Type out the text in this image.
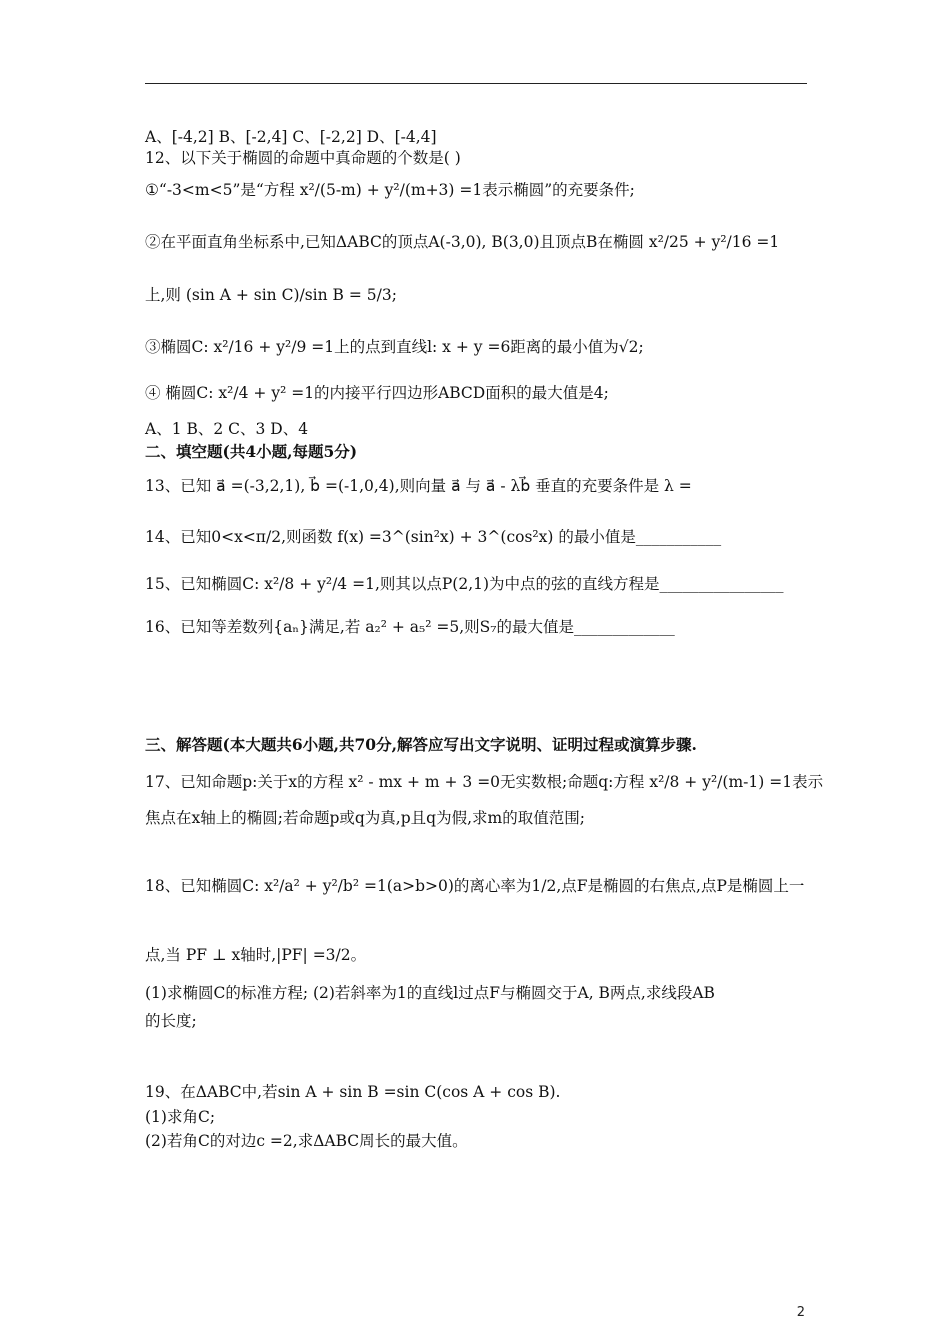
A、[-4,2] B、[-2,4] C、[-2,2] D、[-4,4]
12、以下关于椭圆的命题中真命题的个数是( )
①“-3<m<5”是“方程 x²/(5-m) + y²/(m+3) =1表示椭圆”的充要条件;
②在平面直角坐标系中,已知ΔABC的顶点A(-3,0), B(3,0)且顶点B在椭圆 x²/25 + y²/16 =1
上,则 (sin A + sin C)/sin B = 5/3;
③椭圆C: x²/16 + y²/9 =1上的点到直线l: x + y =6距离的最小值为√2;
④ 椭圆C: x²/4 + y² =1的内接平行四边形ABCD面积的最大值是4;
A、1 B、2 C、3 D、4
二、填空题(共4小题,每题5分)
13、已知 a⃗ =(-3,2,1), b⃗ =(-1,0,4),则向量 a⃗ 与 a⃗ - λb⃗ 垂直的充要条件是 λ =
14、已知0<x<π/2,则函数 f(x) =3^(sin²x) + 3^(cos²x) 的最小值是___________
15、已知椭圆C: x²/8 + y²/4 =1,则其以点P(2,1)为中点的弦的直线方程是________________
16、已知等差数列{aₙ}满足,若 a₂² + a₅² =5,则S₇的最大值是_____________
三、解答题(本大题共6小题,共70分,解答应写出文字说明、证明过程或演算步骤.
17、已知命题p:关于x的方程 x² - mx + m + 3 =0无实数根;命题q:方程 x²/8 + y²/(m-1) =1表示
焦点在x轴上的椭圆;若命题p或q为真,p且q为假,求m的取值范围;
18、已知椭圆C: x²/a² + y²/b² =1(a>b>0)的离心率为1/2,点F是椭圆的右焦点,点P是椭圆上一
点,当 PF ⊥ x轴时,|PF| =3/2。
(1)求椭圆C的标准方程; (2)若斜率为1的直线l过点F与椭圆交于A, B两点,求线段AB
的长度;
19、在ΔABC中,若sin A + sin B =sin C(cos A + cos B).
(1)求角C;
(2)若角C的对边c =2,求ΔABC周长的最大值。
2
